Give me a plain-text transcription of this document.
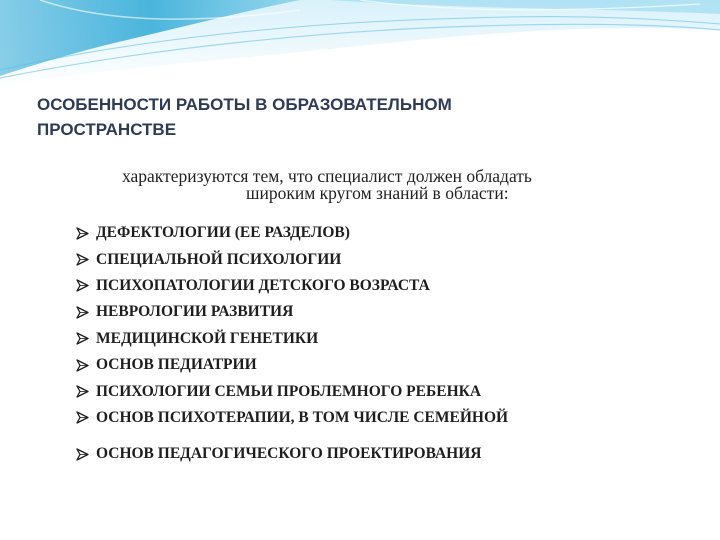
ОСОБЕННОСТИ РАБОТЫ В ОБРАЗОВАТЕЛЬНОМ
ПРОСТРАНСТВЕ
характеризуются тем, что специалист должен обладать
широким кругом знаний в области:
ДЕФЕКТОЛОГИИ (ЕЕ РАЗДЕЛОВ)
СПЕЦИАЛЬНОЙ ПСИХОЛОГИИ
ПСИХОПАТОЛОГИИ ДЕТСКОГО ВОЗРАСТА
НЕВРОЛОГИИ РАЗВИТИЯ
МЕДИЦИНСКОЙ ГЕНЕТИКИ
ОСНОВ ПЕДИАТРИИ
ПСИХОЛОГИИ СЕМЬИ ПРОБЛЕМНОГО РЕБЕНКА
ОСНОВ ПСИХОТЕРАПИИ, В ТОМ ЧИСЛЕ СЕМЕЙНОЙ
ОСНОВ ПЕДАГОГИЧЕСКОГО ПРОЕКТИРОВАНИЯ
